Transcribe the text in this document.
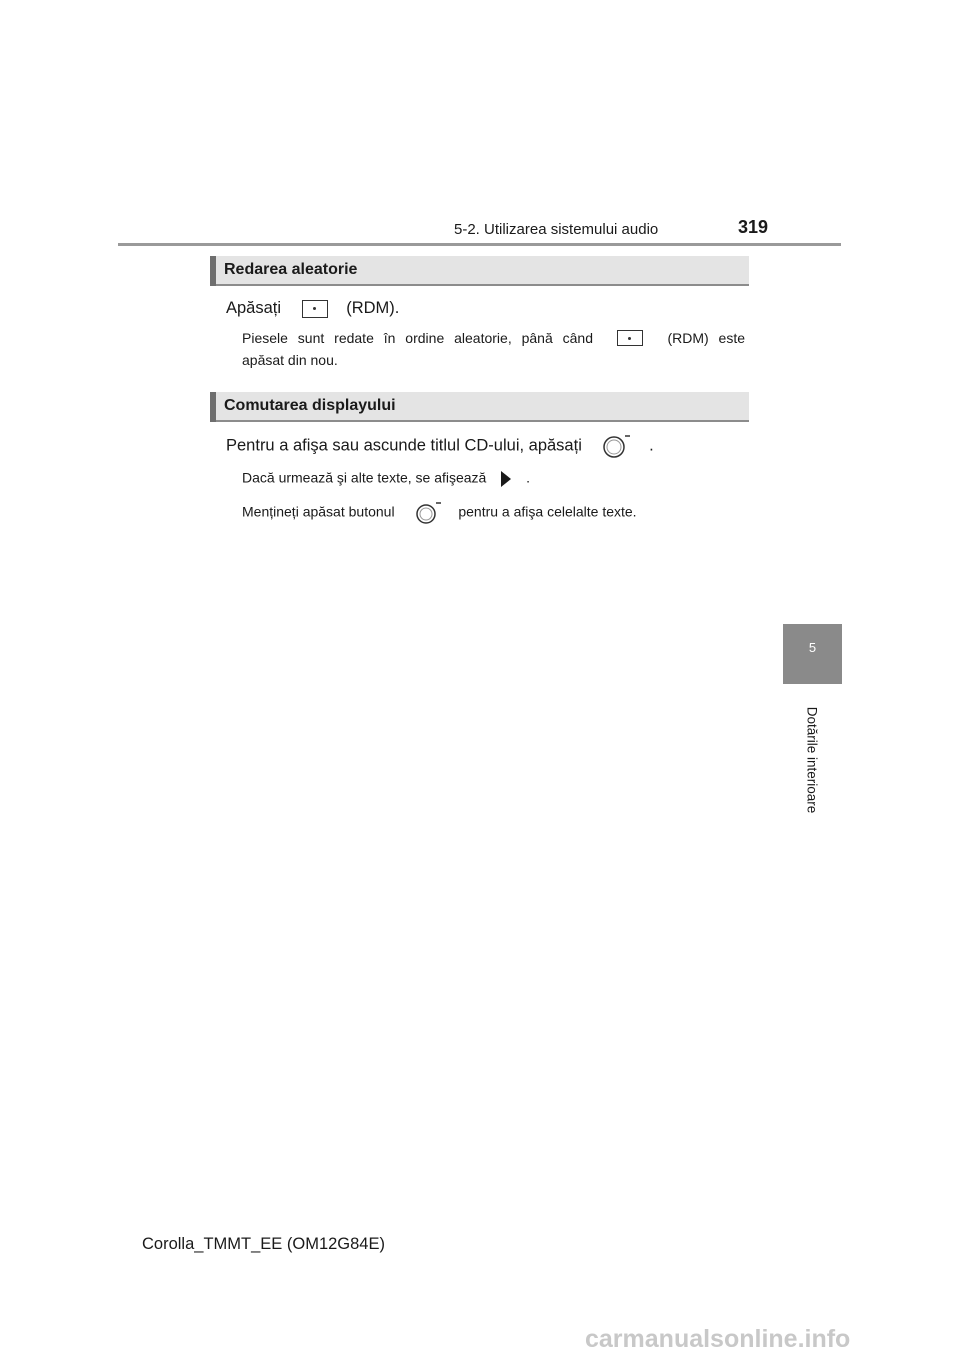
5-2. Utilizarea sistemului audio	319
Redarea aleatorie
Apăsați	(RDM).
Piesele sunt redate în ordine aleatorie, până când	(RDM) este
apăsat din nou.
Comutarea displayului
Pentru a afişa sau ascunde titlul CD-ului, apăsați	.
Dacă urmează şi alte texte, se afişează	.
Mențineți apăsat butonul	pentru a afişa celelalte texte.
5
Dotările interioare
Corolla_TMMT_EE (OM12G84E)
carmanualsonline.info
